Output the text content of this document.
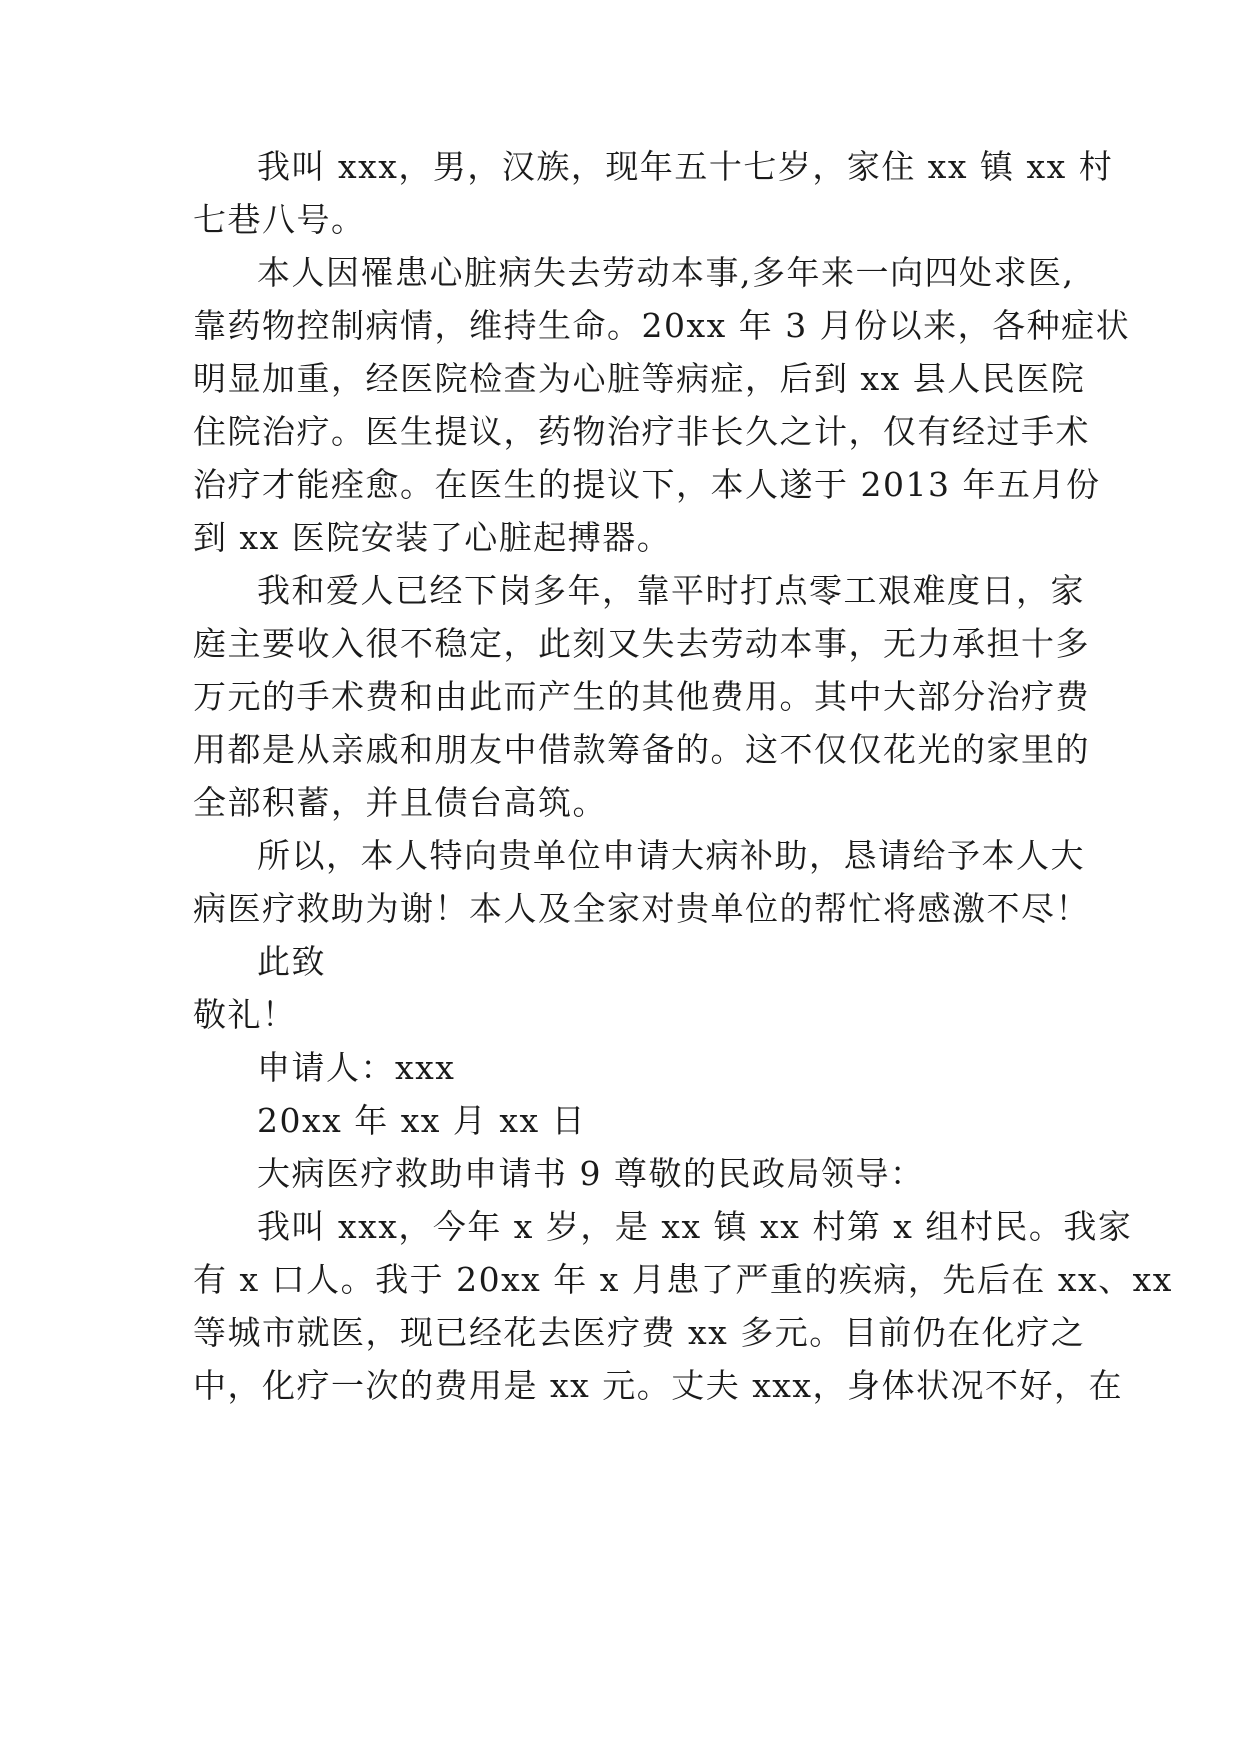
我叫 xxx，男，汉族，现年五十七岁，家住 xx 镇 xx 村
七巷八号。
本人因罹患心脏病失去劳动本事,多年来一向四处求医,
靠药物控制病情，维持生命。20xx 年 3 月份以来，各种症状
明显加重，经医院检查为心脏等病症，后到 xx 县人民医院
住院治疗。医生提议，药物治疗非长久之计，仅有经过手术
治疗才能痊愈。在医生的提议下，本人遂于 2013 年五月份
到 xx 医院安装了心脏起搏器。
我和爱人已经下岗多年，靠平时打点零工艰难度日，家
庭主要收入很不稳定，此刻又失去劳动本事，无力承担十多
万元的手术费和由此而产生的其他费用。其中大部分治疗费
用都是从亲戚和朋友中借款筹备的。这不仅仅花光的家里的
全部积蓄，并且债台高筑。
所以，本人特向贵单位申请大病补助，恳请给予本人大
病医疗救助为谢！本人及全家对贵单位的帮忙将感激不尽！
此致
敬礼！
申请人：xxx
20xx 年 xx 月 xx 日
大病医疗救助申请书 9 尊敬的民政局领导：
我叫 xxx，今年 x 岁，是 xx 镇 xx 村第 x 组村民。我家
有 x 口人。我于 20xx 年 x 月患了严重的疾病，先后在 xx、xx
等城市就医，现已经花去医疗费 xx 多元。目前仍在化疗之
中，化疗一次的费用是 xx 元。丈夫 xxx，身体状况不好，在
